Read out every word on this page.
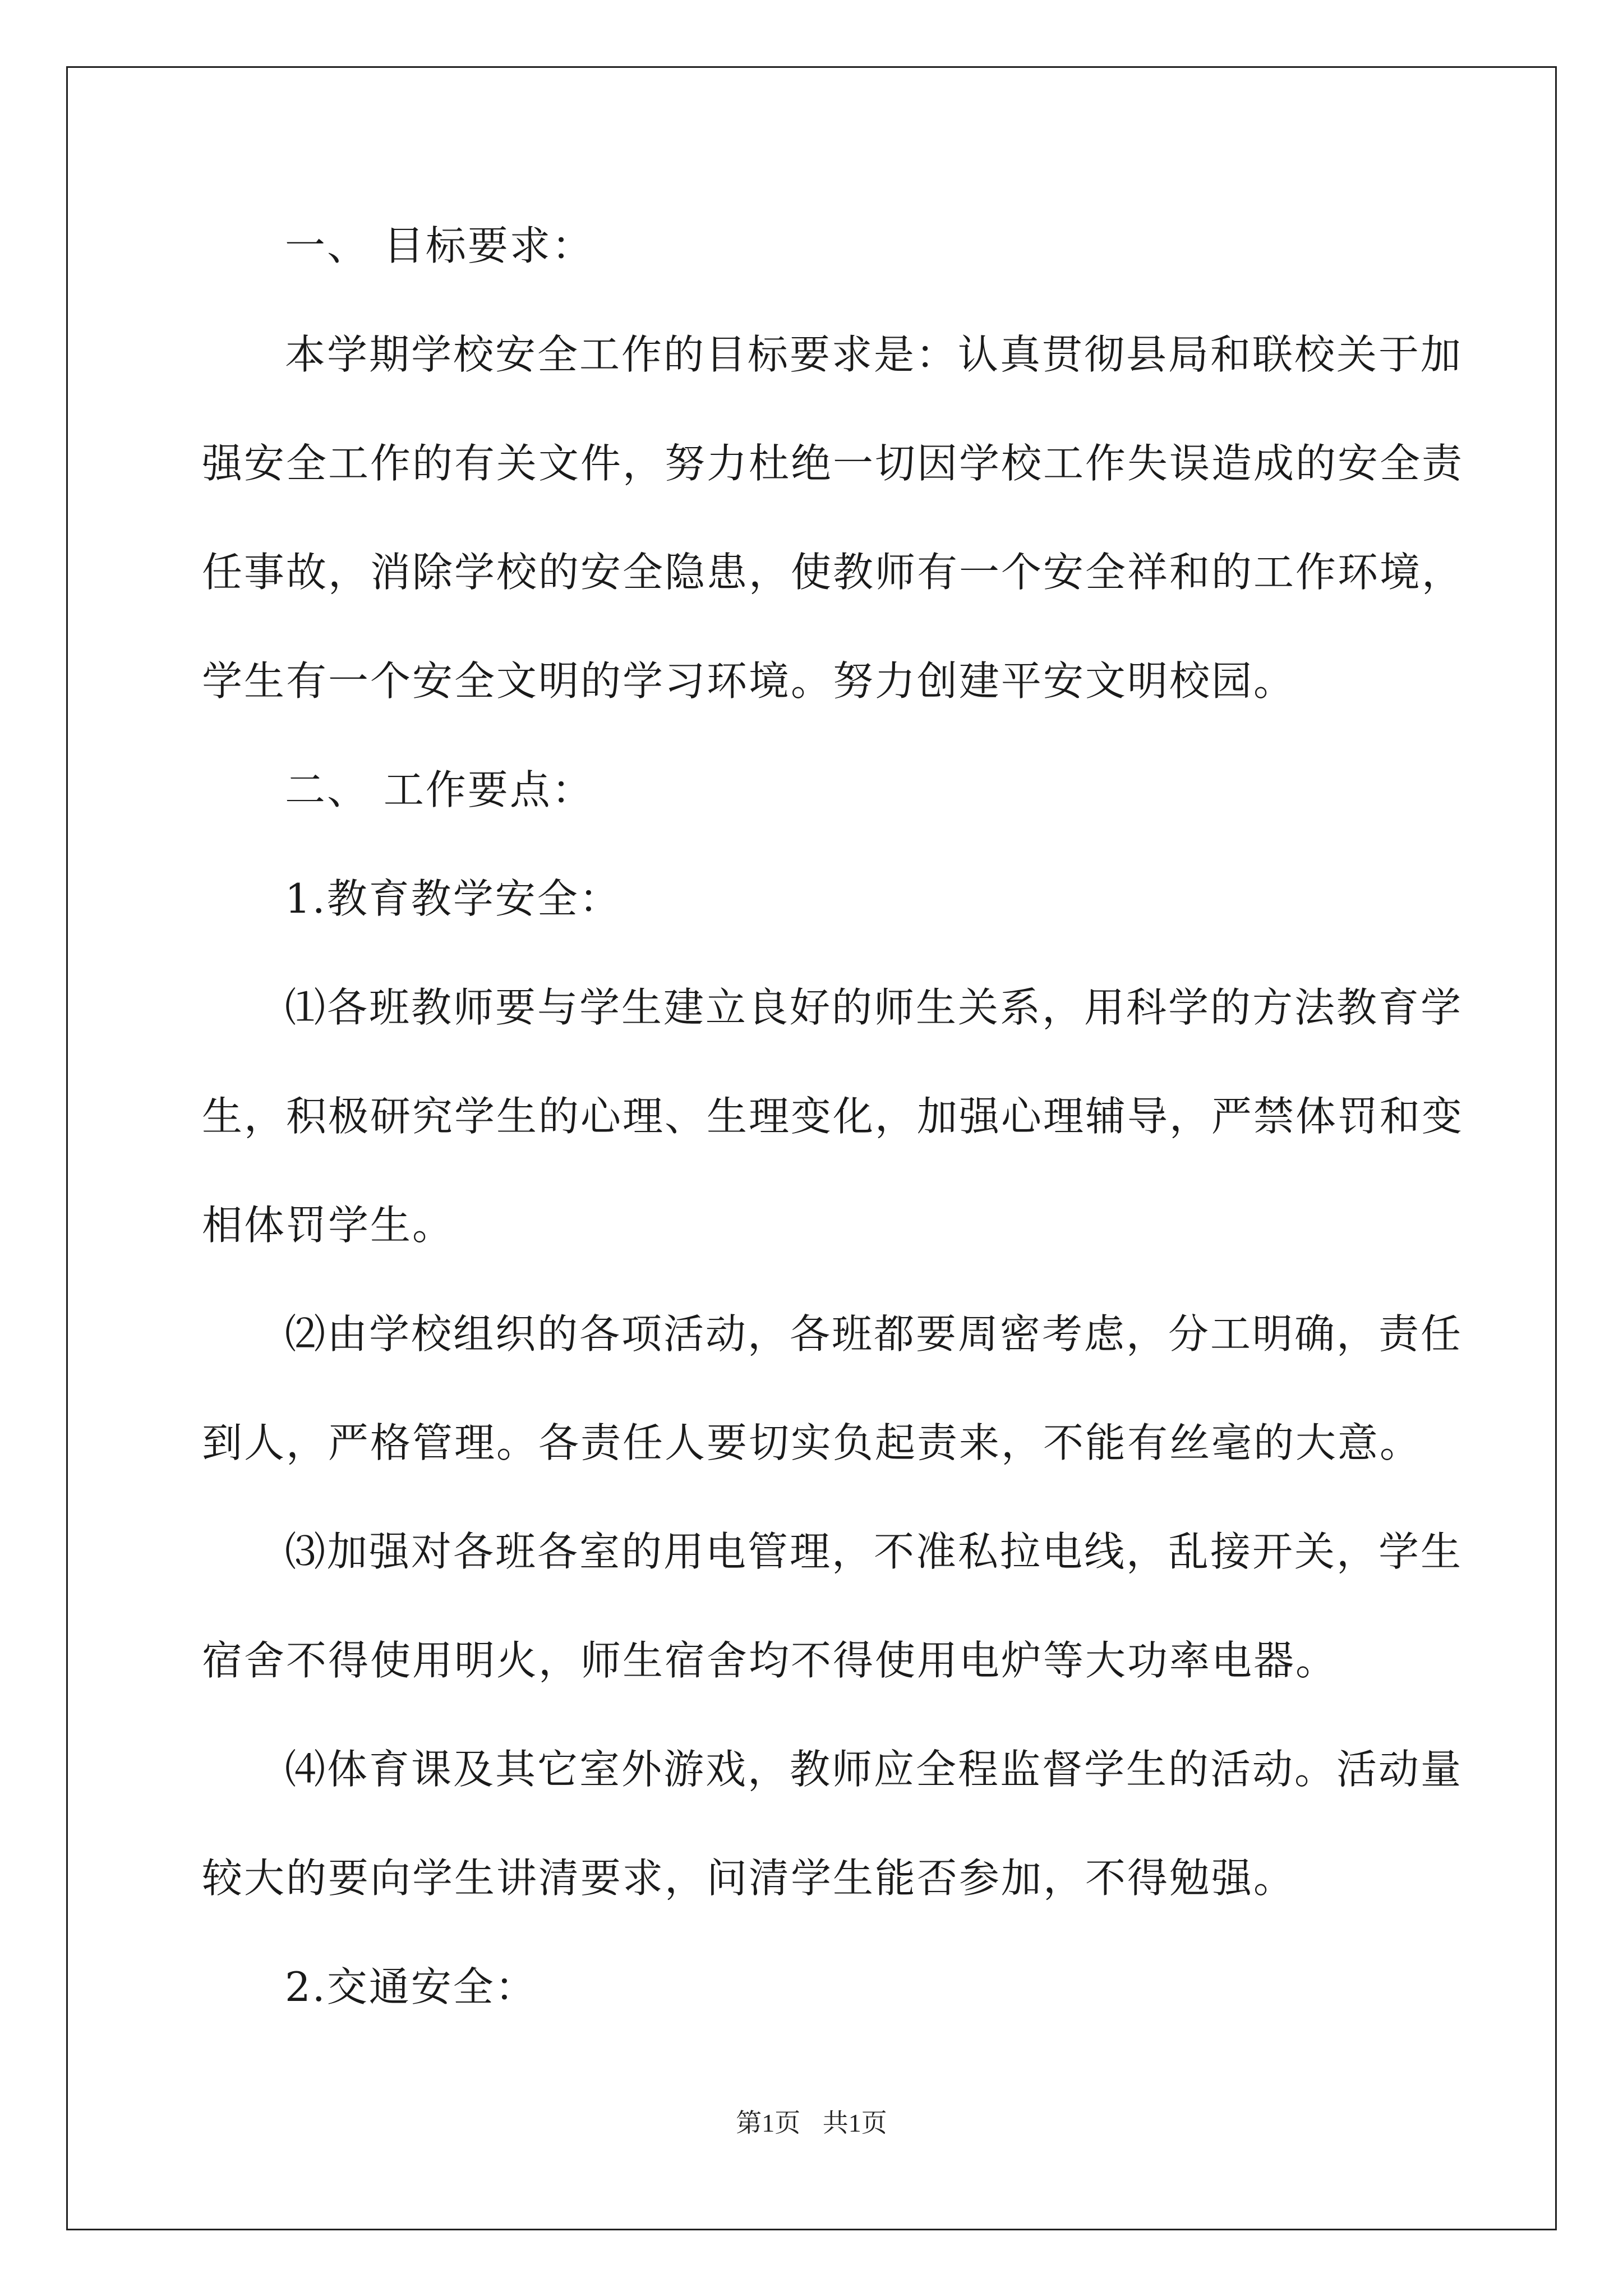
一、 目标要求：
本学期学校安全工作的目标要求是：认真贯彻县局和联校关于加
强安全工作的有关文件，努力杜绝一切因学校工作失误造成的安全责
任事故，消除学校的安全隐患，使教师有一个安全祥和的工作环境，
学生有一个安全文明的学习环境。努力创建平安文明校园。
二、 工作要点：
1.教育教学安全：
⑴各班教师要与学生建立良好的师生关系，用科学的方法教育学
生，积极研究学生的心理、生理变化，加强心理辅导，严禁体罚和变
相体罚学生。
⑵由学校组织的各项活动，各班都要周密考虑，分工明确，责任
到人，严格管理。各责任人要切实负起责来，不能有丝毫的大意。
⑶加强对各班各室的用电管理，不准私拉电线，乱接开关，学生
宿舍不得使用明火，师生宿舍均不得使用电炉等大功率电器。
⑷体育课及其它室外游戏，教师应全程监督学生的活动。活动量
较大的要向学生讲清要求，问清学生能否参加，不得勉强。
2.交通安全：
第1页 共1页
